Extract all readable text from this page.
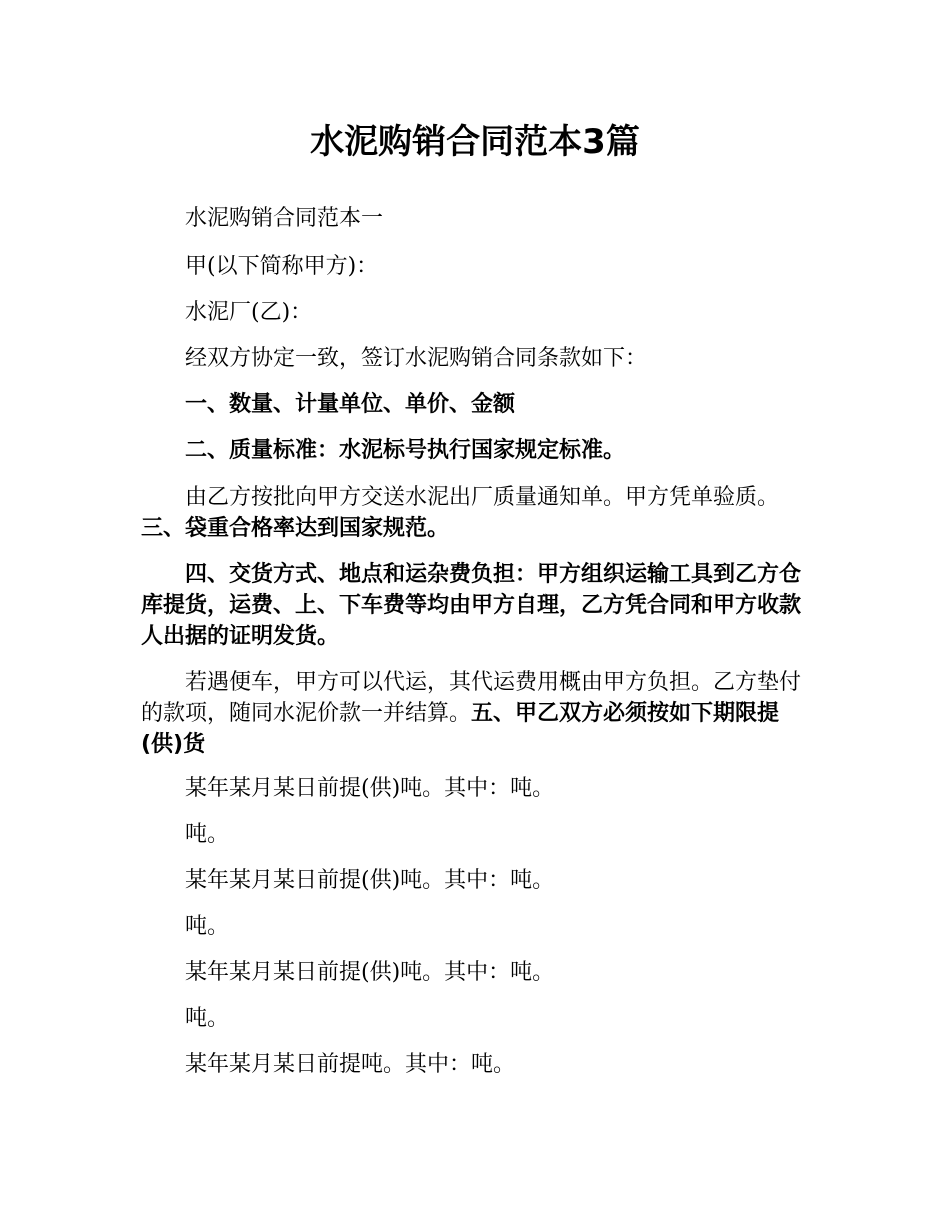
水泥购销合同范本3篇

水泥购销合同范本一

甲(以下简称甲方)：

水泥厂(乙)：

经双方协定一致，签订水泥购销合同条款如下：

一、数量、计量单位、单价、金额

二、质量标准：水泥标号执行国家规定标准。

由乙方按批向甲方交送水泥出厂质量通知单。甲方凭单验质。三、袋重合格率达到国家规范。

四、交货方式、地点和运杂费负担：甲方组织运输工具到乙方仓库提货，运费、上、下车费等均由甲方自理，乙方凭合同和甲方收款人出据的证明发货。

若遇便车，甲方可以代运，其代运费用概由甲方负担。乙方垫付的款项，随同水泥价款一并结算。五、甲乙双方必须按如下期限提(供)货

某年某月某日前提(供)吨。其中：吨。

吨。

某年某月某日前提(供)吨。其中：吨。

吨。

某年某月某日前提(供)吨。其中：吨。

吨。

某年某月某日前提吨。其中：吨。
